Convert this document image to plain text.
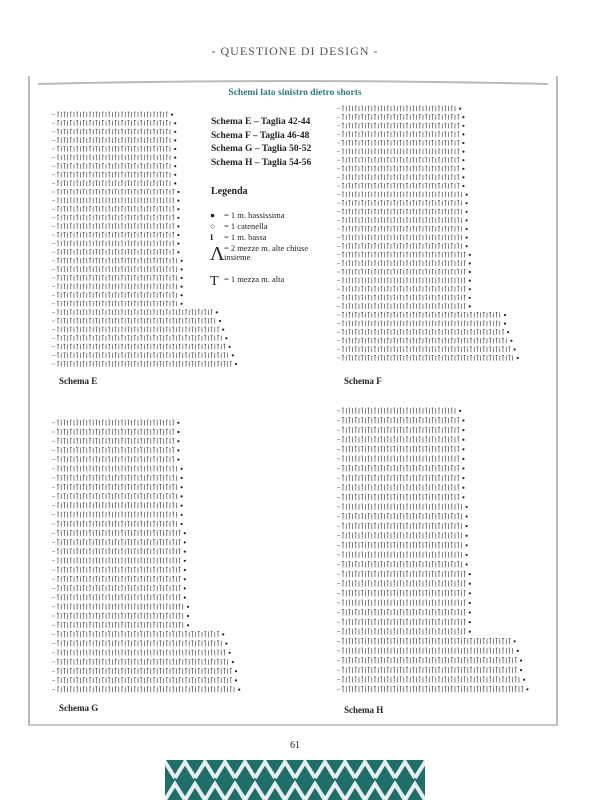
- QUESTIONE DI DESIGN -
Schemi lato sinistro dietro shorts
Schema E – Taglia 42-44
Schema F – Taglia 46-48
Schema G – Taglia 50-52
Schema H – Taglia 54-56
Legenda
●	= 1 m. bassissima
○	= 1 catenella
I	= 1 m. bassa
Λ = 2 mezze m. alte chiuse insieme
T = 1 mezza m. alta
Schema E	Schema F
Schema G	Schema H
61
PassionForum.ru
